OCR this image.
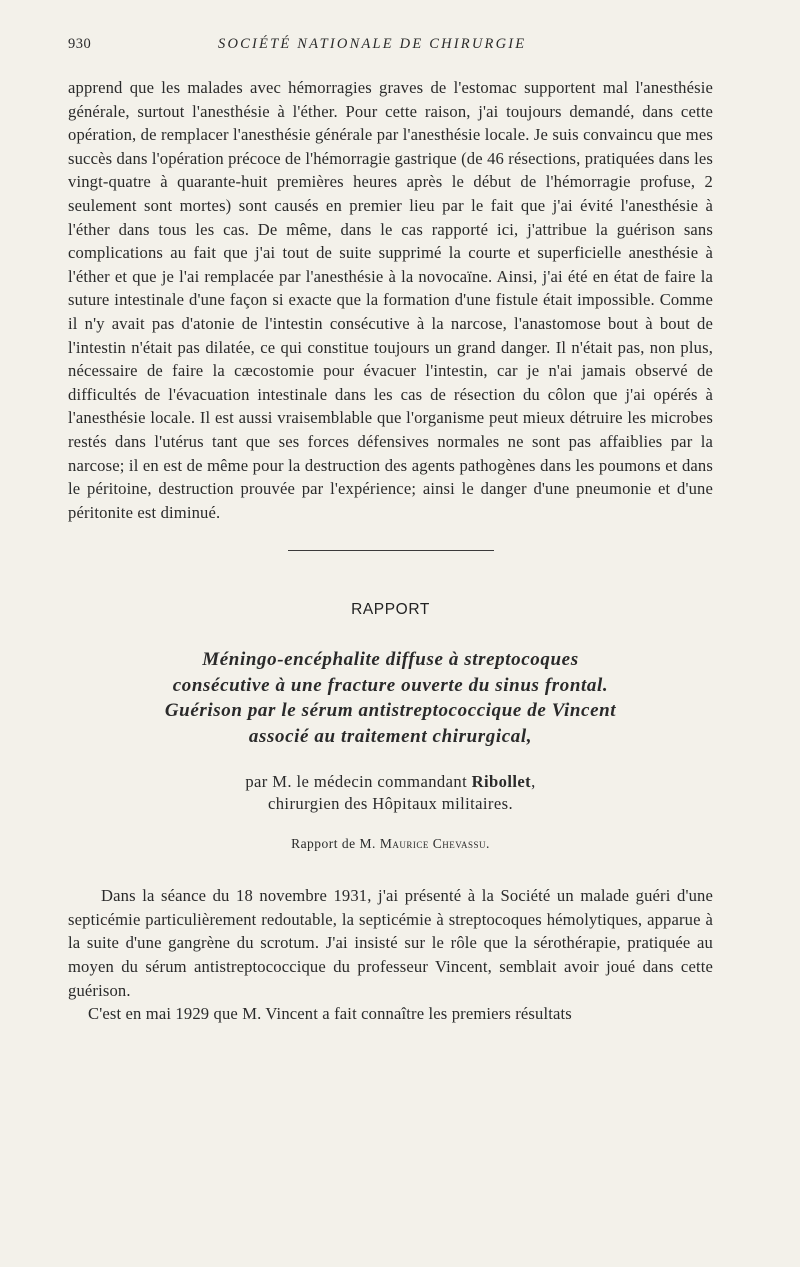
930	SOCIÉTÉ NATIONALE DE CHIRURGIE

apprend que les malades avec hémorragies graves de l'estomac supportent mal l'anesthésie générale, surtout l'anesthésie à l'éther. Pour cette raison, j'ai toujours demandé, dans cette opération, de remplacer l'anesthésie générale par l'anesthésie locale. Je suis convaincu que mes succès dans l'opération précoce de l'hémorragie gastrique (de 46 résections, pratiquées dans les vingt-quatre à quarante-huit premières heures après le début de l'hémorragie profuse, 2 seulement sont mortes) sont causés en premier lieu par le fait que j'ai évité l'anesthésie à l'éther dans tous les cas. De même, dans le cas rapporté ici, j'attribue la guérison sans complications au fait que j'ai tout de suite supprimé la courte et superficielle anesthésie à l'éther et que je l'ai remplacée par l'anesthésie à la novocaïne. Ainsi, j'ai été en état de faire la suture intestinale d'une façon si exacte que la formation d'une fistule était impossible. Comme il n'y avait pas d'atonie de l'intestin consécutive à la narcose, l'anastomose bout à bout de l'intestin n'était pas dilatée, ce qui constitue toujours un grand danger. Il n'était pas, non plus, nécessaire de faire la cæcostomie pour évacuer l'intestin, car je n'ai jamais observé de difficultés de l'évacuation intestinale dans les cas de résection du côlon que j'ai opérés à l'anesthésie locale. Il est aussi vraisemblable que l'organisme peut mieux détruire les microbes restés dans l'utérus tant que ses forces défensives normales ne sont pas affaiblies par la narcose; il en est de même pour la destruction des agents pathogènes dans les poumons et dans le péritoine, destruction prouvée par l'expérience; ainsi le danger d'une pneumonie et d'une péritonite est diminué.

RAPPORT
Méningo-encéphalite diffuse à streptocoques
consécutive à une fracture ouverte du sinus frontal.
Guérison par le sérum antistreptococcique de Vincent
associé au traitement chirurgical,
par M. le médecin commandant Ribollet,
chirurgien des Hôpitaux militaires.
Rapport de M. Maurice Chevassu.

Dans la séance du 18 novembre 1931, j'ai présenté à la Société un malade guéri d'une septicémie particulièrement redoutable, la septicémie à streptocoques hémolytiques, apparue à la suite d'une gangrène du scrotum. J'ai insisté sur le rôle que la sérothérapie, pratiquée au moyen du sérum antistreptococcique du professeur Vincent, semblait avoir joué dans cette guérison.

C'est en mai 1929 que M. Vincent a fait connaître les premiers résultats
